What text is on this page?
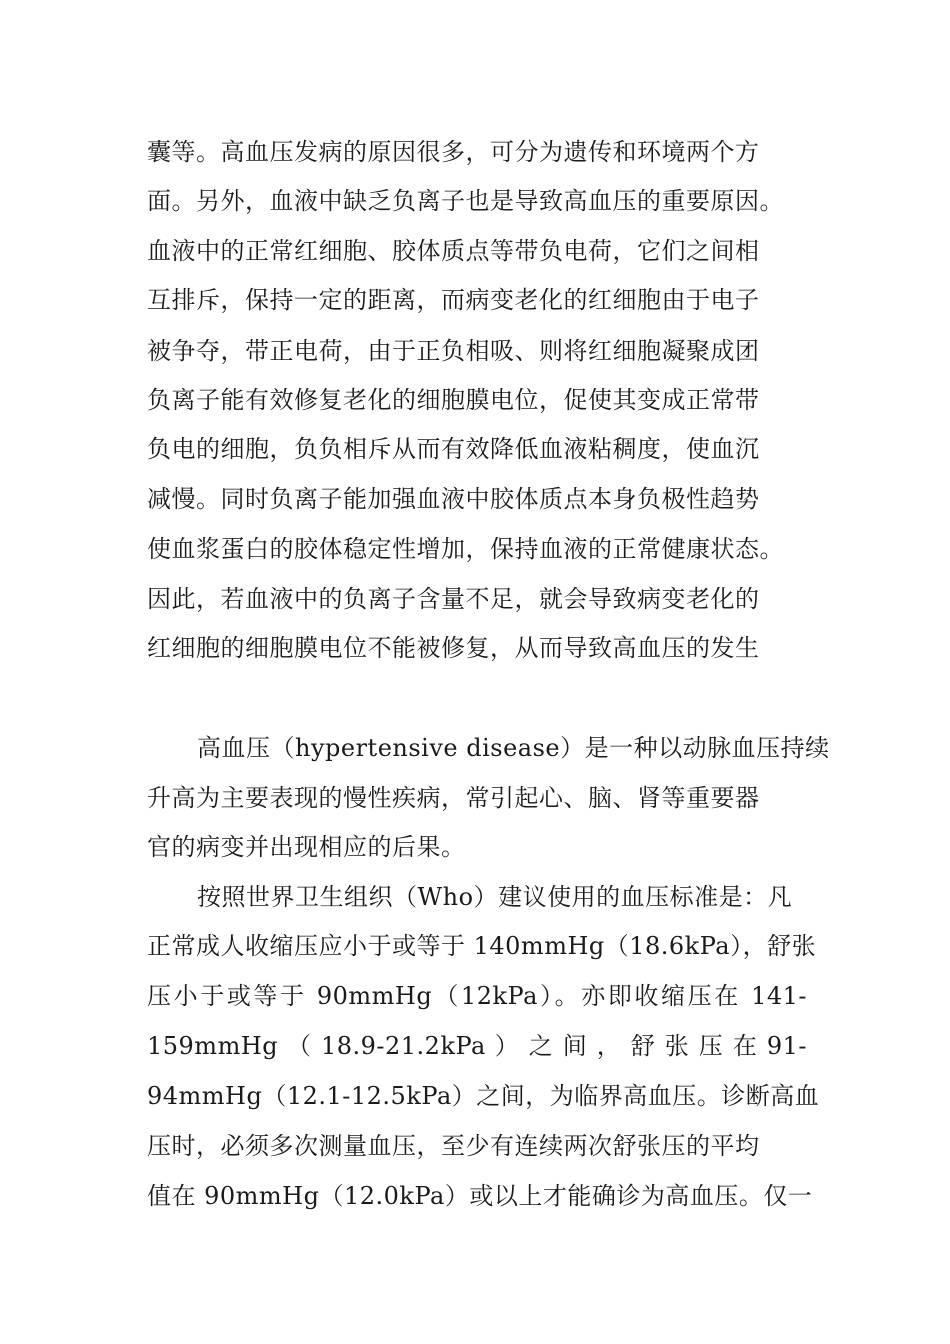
囊等。高血压发病的原因很多，可分为遗传和环境两个方
面。另外，血液中缺乏负离子也是导致高血压的重要原因。
血液中的正常红细胞、胶体质点等带负电荷，它们之间相
互排斥，保持一定的距离，而病变老化的红细胞由于电子
被争夺，带正电荷，由于正负相吸、则将红细胞凝聚成团
负离子能有效修复老化的细胞膜电位，促使其变成正常带
负电的细胞，负负相斥从而有效降低血液粘稠度，使血沉
减慢。同时负离子能加强血液中胶体质点本身负极性趋势
使血浆蛋白的胶体稳定性增加，保持血液的正常健康状态。
因此，若血液中的负离子含量不足，就会导致病变老化的
红细胞的细胞膜电位不能被修复，从而导致高血压的发生
高血压（hypertensive disease）是一种以动脉血压持续
升高为主要表现的慢性疾病，常引起心、脑、肾等重要器
官的病变并出现相应的后果。
按照世界卫生组织（Who）建议使用的血压标准是：凡
正常成人收缩压应小于或等于 140mmHg（18.6kPa），舒张
压小于或等于 90mmHg（12kPa）。亦即收缩压在 141-
159mmHg （ 18.9-21.2kPa ） 之 间 ， 舒 张 压 在 91-
94mmHg（12.1-12.5kPa）之间，为临界高血压。诊断高血
压时，必须多次测量血压，至少有连续两次舒张压的平均
值在 90mmHg（12.0kPa）或以上才能确诊为高血压。仅一
